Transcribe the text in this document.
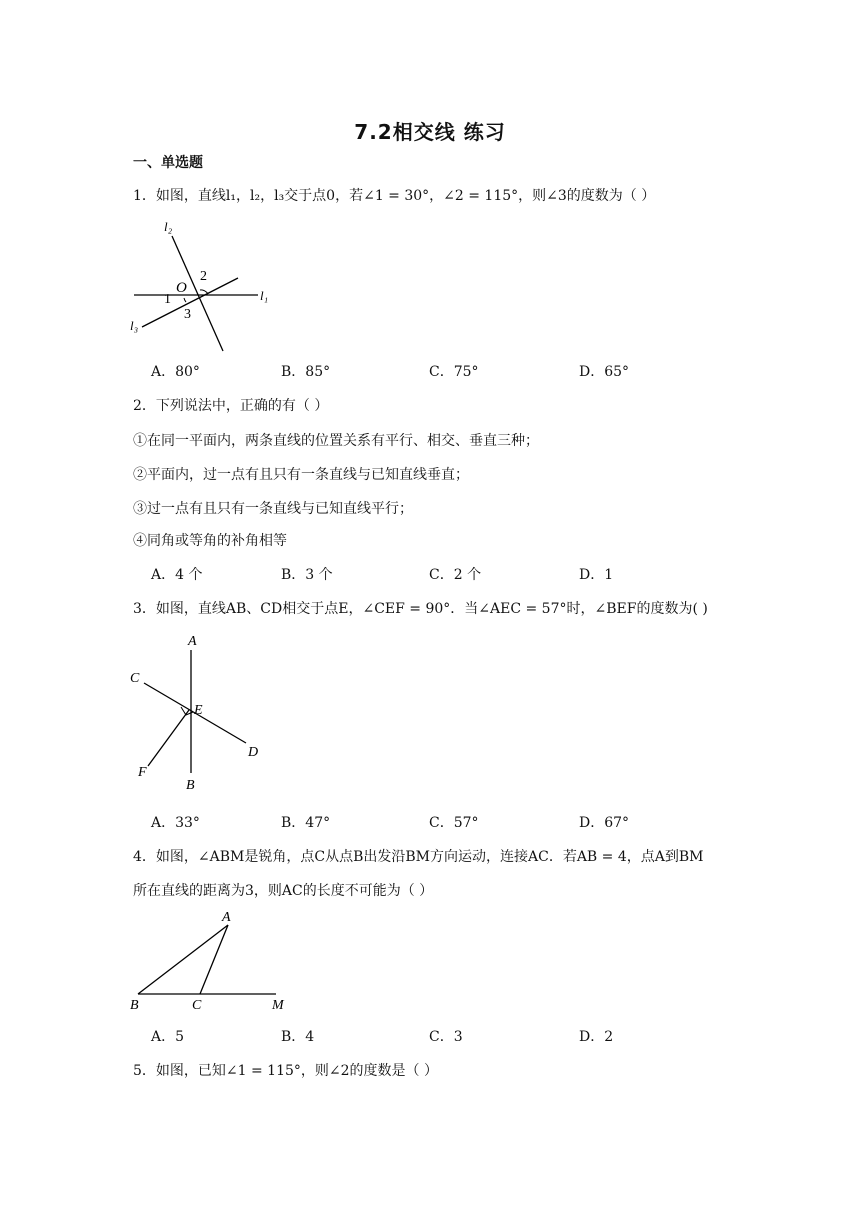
7.2相交线 练习
一、单选题
1．如图，直线l₁，l₂，l₃交于点0，若∠1 = 30°，∠2 = 115°，则∠3的度数为（ ）
l₂
l₁
l₃
O
2
1
3
A．80°	B．85°	C．75°	D．65°
2．下列说法中，正确的有（ ）
①在同一平面内，两条直线的位置关系有平行、相交、垂直三种；
②平面内，过一点有且只有一条直线与已知直线垂直；
③过一点有且只有一条直线与已知直线平行；
④同角或等角的补角相等
A．4 个	B．3 个	C．2 个	D．1
3．如图，直线AB、CD相交于点E，∠CEF = 90°．当∠AEC = 57°时，∠BEF的度数为( )
A
C
E
D
F
B
A．33°	B．47°	C．57°	D．67°
4．如图，∠ABM是锐角，点C从点B出发沿BM方向运动，连接AC．若AB = 4，点A到BM
所在直线的距离为3，则AC的长度不可能为（ ）
A
B	C	M
A．5	B．4	C．3	D．2
5．如图，已知∠1 = 115°，则∠2的度数是（ ）
